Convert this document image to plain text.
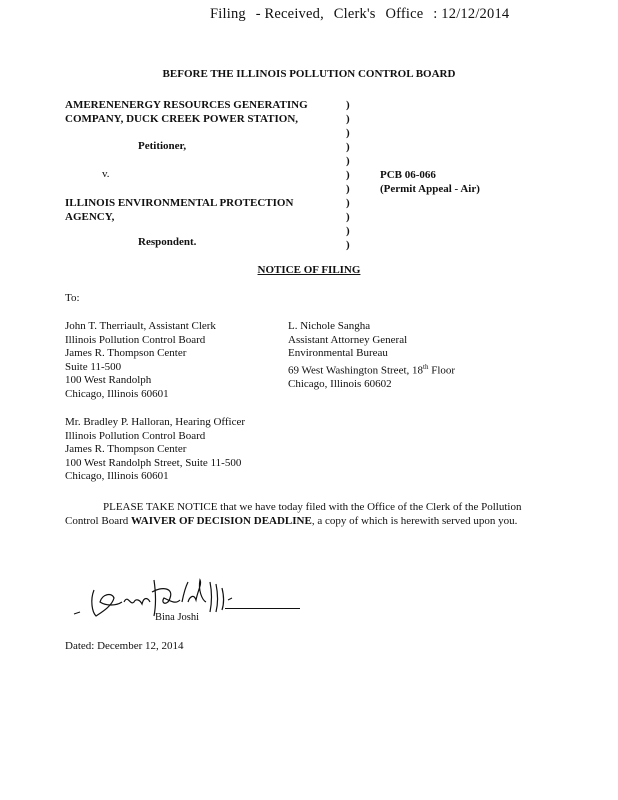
Filing - Received, Clerk's Office : 12/12/2014
BEFORE THE ILLINOIS POLLUTION CONTROL BOARD
AMERENENERGY RESOURCES GENERATING
COMPANY, DUCK CREEK POWER STATION,
Petitioner,
v.
ILLINOIS ENVIRONMENTAL PROTECTION
AGENCY,
Respondent.
)
)
)
)
)
)
)
)
)
)
)
PCB 06-066
(Permit Appeal - Air)
NOTICE OF FILING
To:
John T. Therriault, Assistant Clerk
Illinois Pollution Control Board
James R. Thompson Center
Suite 11-500
100 West Randolph
Chicago, Illinois 60601
L. Nichole Sangha
Assistant Attorney General
Environmental Bureau
69 West Washington Street, 18th Floor
Chicago, Illinois 60602
Mr. Bradley P. Halloran, Hearing Officer
Illinois Pollution Control Board
James R. Thompson Center
100 West Randolph Street, Suite 11-500
Chicago, Illinois 60601
PLEASE TAKE NOTICE that we have today filed with the Office of the Clerk of the Pollution Control Board WAIVER OF DECISION DEADLINE, a copy of which is herewith served upon you.
Bina Joshi
Dated: December 12, 2014
